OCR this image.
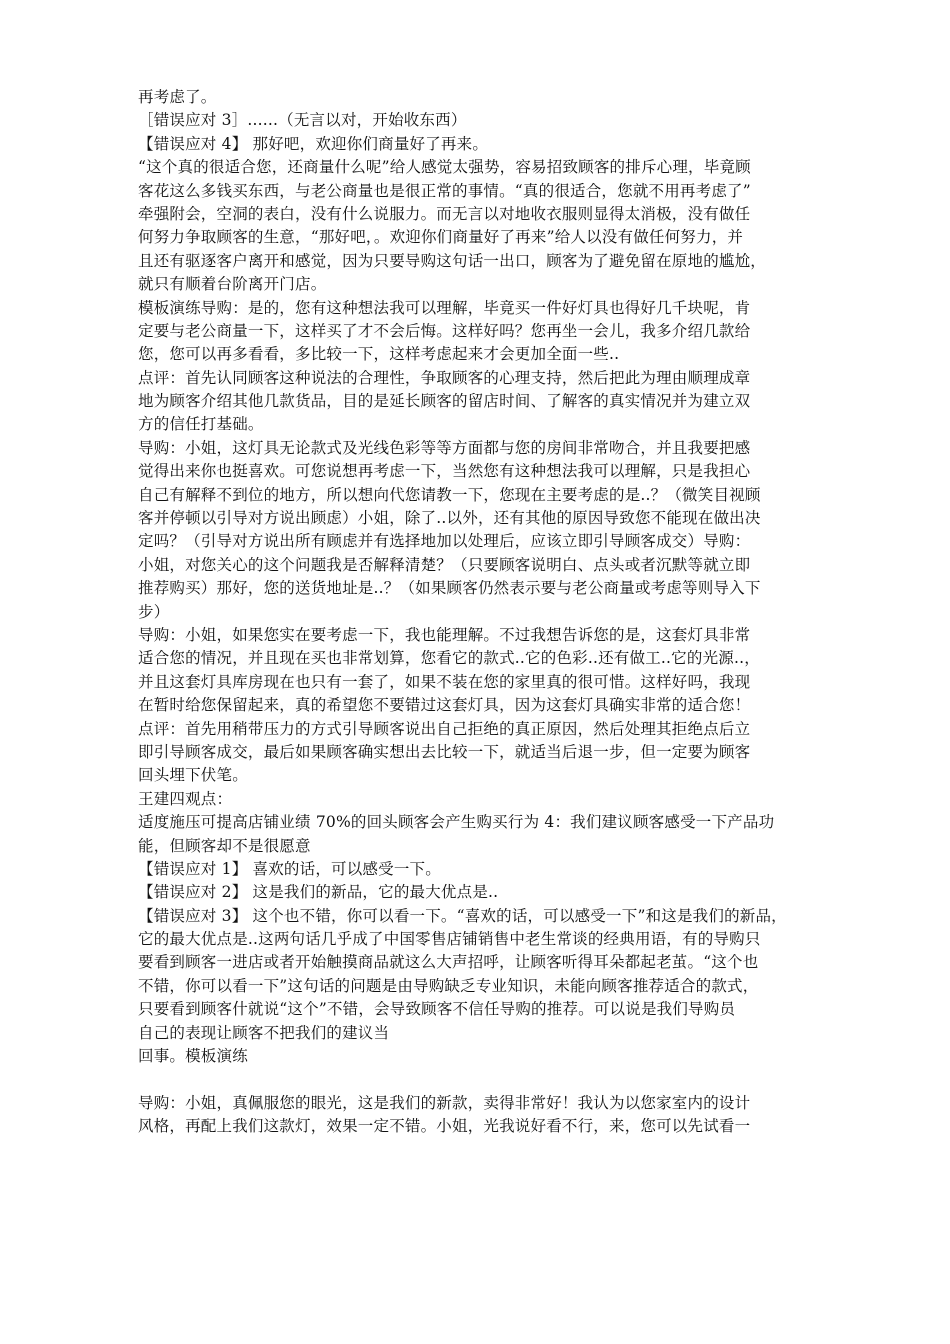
再考虑了。
［错误应对 3］......（无言以对，开始收东西）
【错误应对 4】 那好吧，欢迎你们商量好了再来。
“这个真的很适合您，还商量什么呢”给人感觉太强势，容易招致顾客的排斥心理，毕竟顾
客花这么多钱买东西，与老公商量也是很正常的事情。“真的很适合，您就不用再考虑了”
牵强附会，空洞的表白，没有什么说服力。而无言以对地收衣服则显得太消极，没有做任
何努力争取顾客的生意，“那好吧，。欢迎你们商量好了再来”给人以没有做任何努力，并
且还有驱逐客户离开和感觉，因为只要导购这句话一出口，顾客为了避免留在原地的尴尬，
就只有顺着台阶离开门店。
模板演练导购：是的，您有这种想法我可以理解，毕竟买一件好灯具也得好几千块呢，肯
定要与老公商量一下，这样买了才不会后悔。这样好吗？您再坐一会儿，我多介绍几款给
您，您可以再多看看，多比较一下，这样考虑起来才会更加全面一些..
点评：首先认同顾客这种说法的合理性，争取顾客的心理支持，然后把此为理由顺理成章
地为顾客介绍其他几款货品，目的是延长顾客的留店时间、了解客的真实情况并为建立双
方的信任打基础。
导购：小姐，这灯具无论款式及光线色彩等等方面都与您的房间非常吻合，并且我要把感
觉得出来你也挺喜欢。可您说想再考虑一下，当然您有这种想法我可以理解，只是我担心
自己有解释不到位的地方，所以想向代您请教一下，您现在主要考虑的是..？（微笑目视顾
客并停顿以引导对方说出顾虑）小姐，除了..以外，还有其他的原因导致您不能现在做出决
定吗？（引导对方说出所有顾虑并有选择地加以处理后，应该立即引导顾客成交）导购：
小姐，对您关心的这个问题我是否解释清楚？（只要顾客说明白、点头或者沉默等就立即
推荐购买）那好，您的送货地址是..？（如果顾客仍然表示要与老公商量或考虑等则导入下
步）
导购：小姐，如果您实在要考虑一下，我也能理解。不过我想告诉您的是，这套灯具非常
适合您的情况，并且现在买也非常划算，您看它的款式..它的色彩..还有做工..它的光源..，
并且这套灯具库房现在也只有一套了，如果不装在您的家里真的很可惜。这样好吗，我现
在暂时给您保留起来，真的希望您不要错过这套灯具，因为这套灯具确实非常的适合您！
点评：首先用稍带压力的方式引导顾客说出自己拒绝的真正原因，然后处理其拒绝点后立
即引导顾客成交，最后如果顾客确实想出去比较一下，就适当后退一步，但一定要为顾客
回头埋下伏笔。
王建四观点：
适度施压可提高店铺业绩 70%的回头顾客会产生购买行为 4：我们建议顾客感受一下产品功
能，但顾客却不是很愿意
【错误应对 1】 喜欢的话，可以感受一下。
【错误应对 2】 这是我们的新品，它的最大优点是..
【错误应对 3】 这个也不错，你可以看一下。“喜欢的话，可以感受一下”和这是我们的新品，
它的最大优点是..这两句话几乎成了中国零售店铺销售中老生常谈的经典用语，有的导购只
要看到顾客一进店或者开始触摸商品就这么大声招呼，让顾客听得耳朵都起老茧。“这个也
不错，你可以看一下”这句话的问题是由导购缺乏专业知识，未能向顾客推荐适合的款式，
只要看到顾客什就说“这个”不错，会导致顾客不信任导购的推荐。可以说是我们导购员
自己的表现让顾客不把我们的建议当
回事。模板演练
导购：小姐，真佩服您的眼光，这是我们的新款，卖得非常好！我认为以您家室内的设计
风格，再配上我们这款灯，效果一定不错。小姐，光我说好看不行，来，您可以先试看一
